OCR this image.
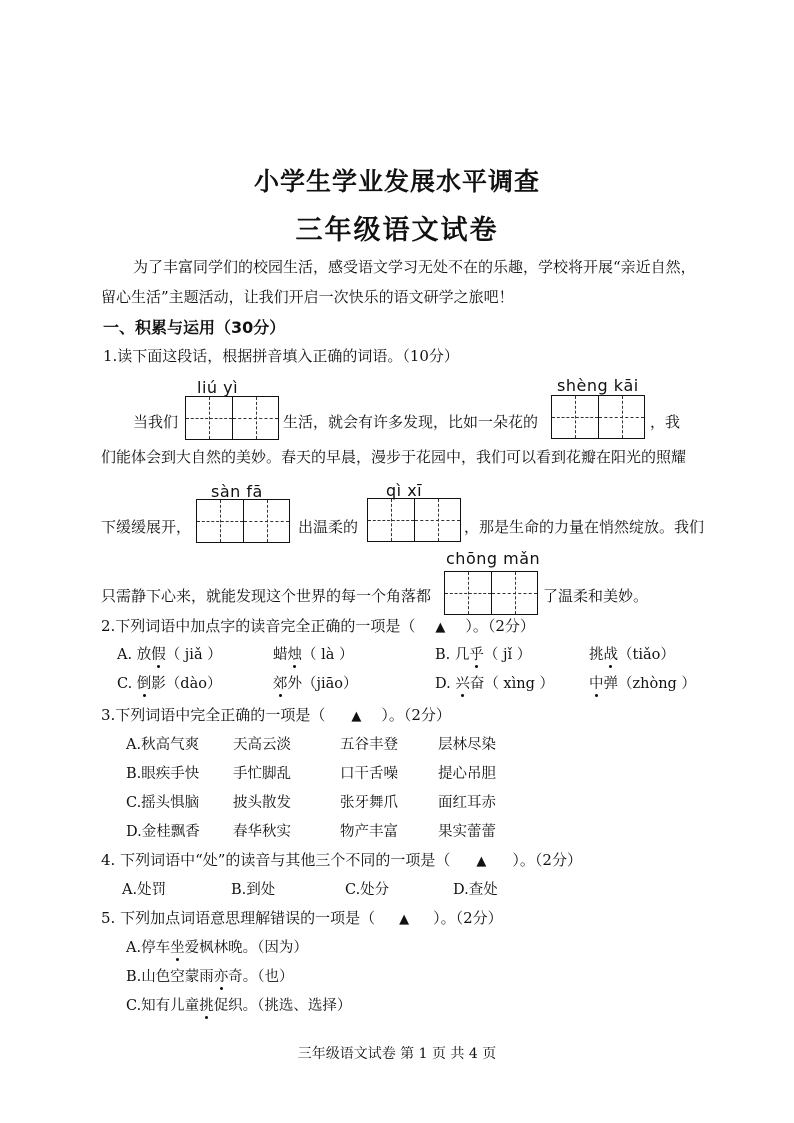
小学生学业发展水平调查
三年级语文试卷
为了丰富同学们的校园生活，感受语文学习无处不在的乐趣，学校将开展“亲近自然，
留心生活”主题活动，让我们开启一次快乐的语文研学之旅吧！
一、积累与运用（30分）
1.读下面这段话，根据拼音填入正确的词语。（10分）
liú yì	shèng kāi
当我们	生活，就会有许多发现，比如一朵花的	，我
们能体会到大自然的美妙。春天的早晨，漫步于花园中，我们可以看到花瓣在阳光的照耀
sàn fā	qì xī
下缓缓展开，	出温柔的	，那是生命的力量在悄然绽放。我们
chōng mǎn
只需静下心来，就能发现这个世界的每一个角落都	了温柔和美妙。
2.下列词语中加点字的读音完全正确的一项是（ ▲ ）。（2分）
A. 放假（ jiǎ ）	蜡烛（ là ）	B. 几乎（ jǐ ）	挑战（tiǎo）
C. 倒影（dào）	郊外（jiāo）	D. 兴奋（ xìng ） 中弹（zhòng ）
3.下列词语中完全正确的一项是（ ▲ ）。（2分）
A.秋高气爽 天高云淡	五谷丰登	层林尽染
B.眼疾手快 手忙脚乱	口干舌噪	提心吊胆
C.摇头惧脑 披头散发	张牙舞爪	面红耳赤
D.金桂飘香 春华秋实	物产丰富	果实蕾蕾
4. 下列词语中“处”的读音与其他三个不同的一项是（ ▲ ）。（2分）
A.处罚	B.到处	C.处分	D.查处
5. 下列加点词语意思理解错误的一项是（ ▲ ）。（2分）
A.停车坐爱枫林晚。（因为）
B.山色空蒙雨亦奇。（也）
C.知有儿童挑促织。（挑选、选择）
三年级语文试卷 第 1 页 共 4 页
